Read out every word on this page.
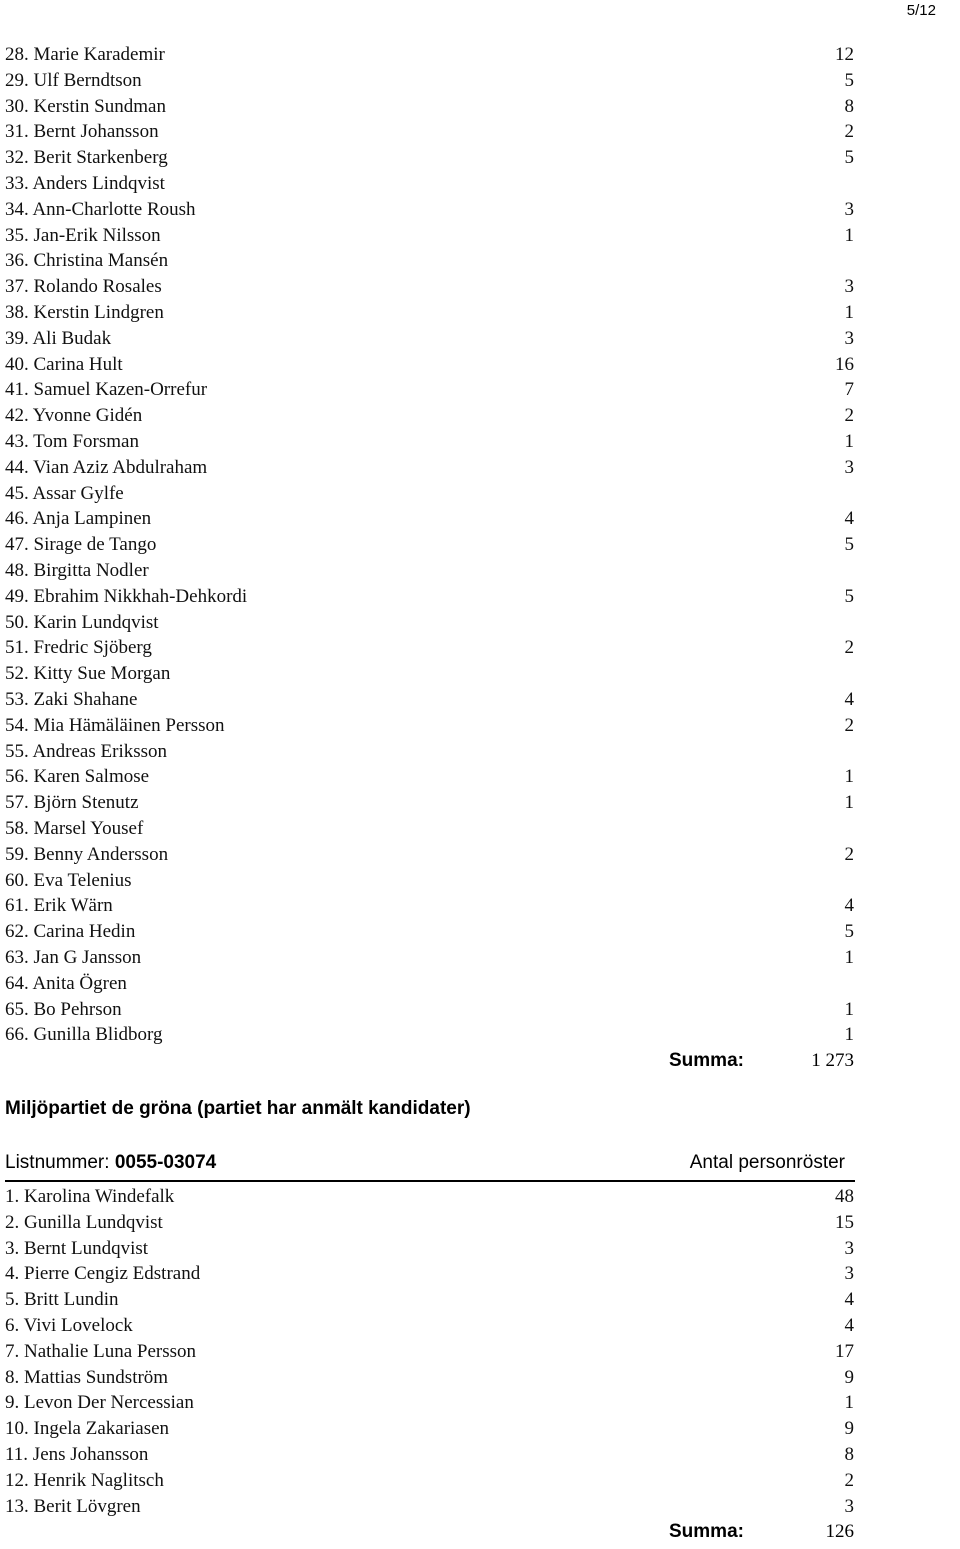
5/12
28. Marie Karademir	12
29. Ulf Berndtson	5
30. Kerstin Sundman	8
31. Bernt Johansson	2
32. Berit Starkenberg	5
33. Anders Lindqvist
34. Ann-Charlotte Roush	3
35. Jan-Erik Nilsson	1
36. Christina Mansén
37. Rolando Rosales	3
38. Kerstin Lindgren	1
39. Ali Budak	3
40. Carina Hult	16
41. Samuel Kazen-Orrefur	7
42. Yvonne Gidén	2
43. Tom Forsman	1
44. Vian Aziz Abdulraham	3
45. Assar Gylfe
46. Anja Lampinen	4
47. Sirage de Tango	5
48. Birgitta Nodler
49. Ebrahim Nikkhah-Dehkordi	5
50. Karin Lundqvist
51. Fredric Sjöberg	2
52. Kitty Sue Morgan
53. Zaki Shahane	4
54. Mia Hämäläinen Persson	2
55. Andreas Eriksson
56. Karen Salmose	1
57. Björn Stenutz	1
58. Marsel Yousef
59. Benny Andersson	2
60. Eva Telenius
61. Erik Wärn	4
62. Carina Hedin	5
63. Jan G Jansson	1
64. Anita Ögren
65. Bo Pehrson	1
66. Gunilla Blidborg	1
Summa:	1 273
Miljöpartiet de gröna (partiet har anmält kandidater)
Listnummer: 0055-03074	Antal personröster
1. Karolina Windefalk	48
2. Gunilla Lundqvist	15
3. Bernt Lundqvist	3
4. Pierre Cengiz Edstrand	3
5. Britt Lundin	4
6. Vivi Lovelock	4
7. Nathalie Luna Persson	17
8. Mattias Sundström	9
9. Levon Der Nercessian	1
10. Ingela Zakariasen	9
11. Jens Johansson	8
12. Henrik Naglitsch	2
13. Berit Lövgren	3
Summa:	126
